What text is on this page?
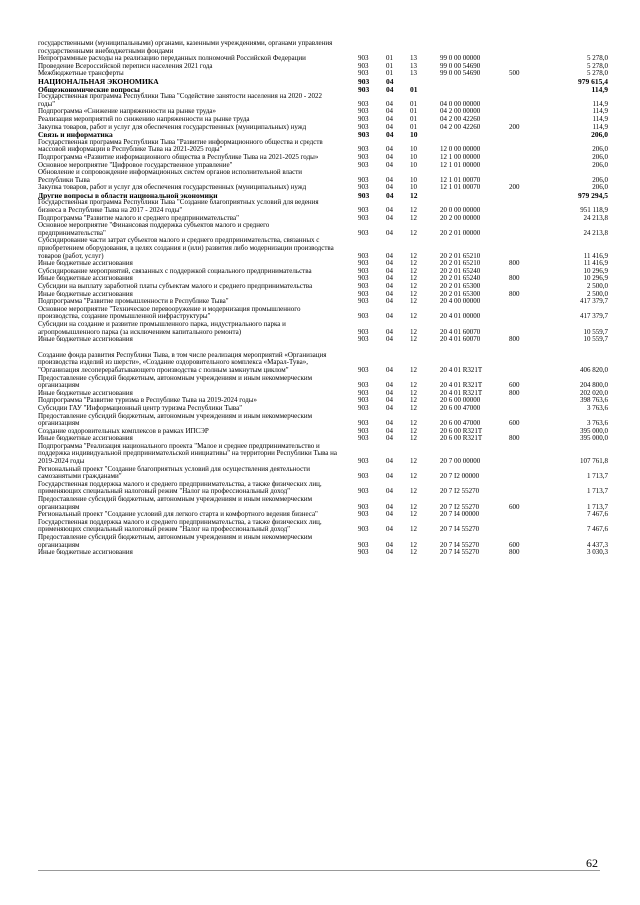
государственными (муниципальными) органами, казенными учреждениями, органами управления государственными внебюджетными фондами
Непрограммные расходы на реализацию переданных полномочий Российской Федерации	903	01 13	99 0 00 00000	5 278,0
Проведение Всероссийской переписи населения 2021 года	903	01 13	99 0 00 54690	5 278,0
Межбюджетные трансферты	903	01 13	99 0 00 54690	500	5 278,0
НАЦИОНАЛЬНАЯ ЭКОНОМИКА	903 04	979 615,4
Общеэкономические вопросы	903 04 01	114,9
Государственная программа Республики Тыва "Содействие занятости населения на 2020 - 2022 годы"	903	04 01	04 0 00 00000	114,9
Подпрограмма «Снижение напряженности на рынке труда»	903	04 01	04 2 00 00000	114,9
Реализация мероприятий по снижению напряженности на рынке труда	903	04 01	04 2 00 42260	114,9
Закупка товаров, работ и услуг для обеспечения государственных (муниципальных) нужд	903	04 01	04 2 00 42260	200	114,9
Связь и информатика	903 04 10	206,0
Государственная программа Республики Тыва "Развитие информационного общества и средств массовой информации в Республике Тыва на 2021-2025 годы"	903	04 10	12 0 00 00000	206,0
Подпрограмма «Развитие информационного общества в Республике Тыва на 2021-2025 годы»	903	04 10	12 1 00 00000	206,0
Основное мероприятие "Цифровое государственное управление"	903	04 10	12 1 01 00000	206,0
Обновление и сопровождение информационных систем органов исполнительной власти Республики Тыва	903	04 10	12 1 01 00070	206,0
Закупка товаров, работ и услуг для обеспечения государственных (муниципальных) нужд	903	04 10	12 1 01 00070	200	206,0
Другие вопросы в области национальной экономики	903 04 12	979 294,5
Государственная программа Республики Тыва "Создание благоприятных условий для ведения бизнеса в Республике Тыва на 2017 - 2024 годы"	903	04 12	20 0 00 00000	951 118,9
Подпрограмма "Развитие малого и среднего предпринимательства"	903	04 12	20 2 00 00000	24 213,8
Основное мероприятие "Финансовая поддержка субъектов малого и среднего предпринимательства"	903	04 12	20 2 01 00000	24 213,8
Субсидирование части затрат субъектов малого и среднего предпринимательства, связанных с приобретением оборудования, в целях создания и (или) развития либо модернизации производства товаров (работ, услуг)	903	04 12	20 2 01 65210	11 416,9
Иные бюджетные ассигнования	903	04 12	20 2 01 65210	800	11 416,9
Субсидирование мероприятий, связанных с поддержкой социального предпринимательства	903	04 12	20 2 01 65240	10 296,9
Иные бюджетные ассигнования	903	04 12	20 2 01 65240	800	10 296,9
Субсидии на выплату заработной платы субъектам малого и среднего предпринимательства	903	04 12	20 2 01 65300	2 500,0
Иные бюджетные ассигнования	903	04 12	20 2 01 65300	800	2 500,0
Подпрограмма "Развитие промышленности в Республике Тыва"	903	04 12	20 4 00 00000	417 379,7
Основное мероприятие "Техническое перевооружение и модернизация промышленного производства, создание промышленной инфраструктуры"	903	04 12	20 4 01 00000	417 379,7
Субсидии на создание и развитие промышленного парка, индустриального парка и агропромышленного парка (за исключением капитального ремонта)	903	04 12	20 4 01 60070	10 559,7
Иные бюджетные ассигнования	903	04 12	20 4 01 60070	800	10 559,7
Создание фонда развития Республики Тыва, в том числе реализация мероприятий «Организация производства изделий из шерсти», «Создание оздоровительного комплекса «Марал-Тува», "Организация лесоперерабатывающего производства с полным замкнутым циклом"	903	04 12	20 4 01 R321T	406 820,0
Предоставление субсидий бюджетным, автономным учреждениям и иным некоммерческим организациям	903	04 12	20 4 01 R321T	600	204 800,0
Иные бюджетные ассигнования	903	04 12	20 4 01 R321T	800	202 020,0
Подпрограмма "Развитие туризма в Республике Тыва на 2019-2024 годы»	903	04 12	20 6 00 00000	398 763,6
Субсидии ГАУ "Информационный центр туризма Республики Тыва"	903	04 12	20 6 00 47000	3 763,6
Предоставление субсидий бюджетным, автономным учреждениям и иным некоммерческим организациям	903	04 12	20 6 00 47000	600	3 763,6
Создание оздоровительных комплексов в рамках ИПСЭР	903	04 12	20 6 00 R321T	395 000,0
Иные бюджетные ассигнования	903	04 12	20 6 00 R321T	800	395 000,0
Подпрограмма "Реализация национального проекта "Малое и среднее предпринимательство и поддержка индивидуальной предпринимательской инициативы" на территории Республики Тыва на 2019-2024 годы	903	04 12	20 7 00 00000	107 761,8
Региональный проект "Создание благоприятных условий для осуществления деятельности самозанятыми гражданами"	903	04 12	20 7 I2 00000	1 713,7
Государственная поддержка малого и среднего предпринимательства, а также физических лиц, применяющих специальный налоговый режим "Налог на профессиональный доход"	903	04 12	20 7 I2 55270	1 713,7
Предоставление субсидий бюджетным, автономным учреждениям и иным некоммерческим организациям	903	04 12	20 7 I2 55270	600	1 713,7
Региональный проект "Создание условий для легкого старта и комфортного ведения бизнеса"	903	04 12	20 7 I4 00000	7 467,6
Государственная поддержка малого и среднего предпринимательства, а также физических лиц, применяющих специальный налоговый режим "Налог на профессиональный доход"	903	04 12	20 7 I4 55270	7 467,6
Предоставление субсидий бюджетным, автономным учреждениям и иным некоммерческим организациям	903	04 12	20 7 I4 55270	600	4 437,3
Иные бюджетные ассигнования	903	04 12	20 7 I4 55270	800	3 030,3
62
